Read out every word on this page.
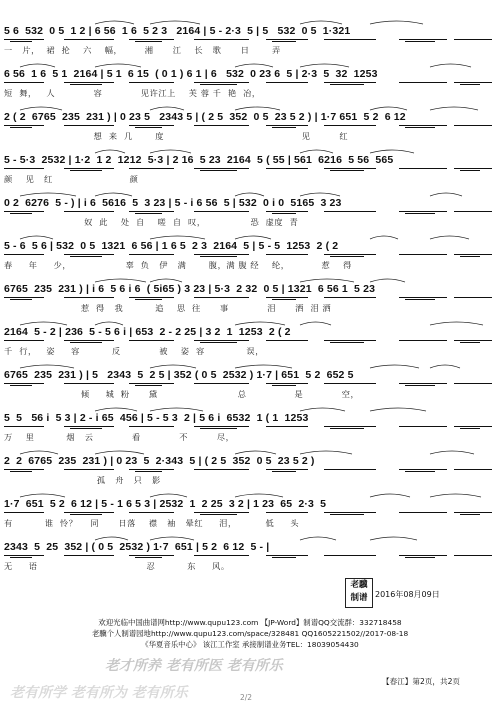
5 6  532  0 5  1 2 | 6 56  1 6  5 2 3   2164 | 5 - 2·3  5 | 5   532  0 5  1·321
一   片，  裙  抡    六    幅，       湘      江    长   歌      日       弄
6 56  1 6  5 1  2164 | 5 1  6 15  ( 0 1 ) 6 1 | 6   532  0 23 6  5 | 2·3  5  32  1253
短  舞，   人            容            见许江上    芙 蓉 千  艳  冶，
2 ( 2  6765  235  231 ) | 0 23 5   2343 5 | ( 2 5  352  0 5  23 5 2 ) | 1·7 651  5 2  6 12
想  来  几       度                                           见         红
5 - 5·3  2532 | 1·2  1 2  1212  5·3 | 2 16  5 23  2164  5 ( 55 | 561  6216  5 56  565
颜    见   红                        颜
0 2  6276  5 - ) | i 6  5616  5  3 23 | 5 - i 6 56  5 | 532  0 i 0  5165  3 23
奴  此    处  自    嗟  自  叹，              恐  虚度  青
5 - 6  5 6 | 532  0 5  1321  6 56 | 1 6 5  2 3  2164  5 | 5 - 5  1253  2 ( 2
春     年     少，                 辜  负   伊   满       腹，满 腹 经    纶，          惹    得
6765  235  231 ) | i 6  5 6 i 6  ( 5i65 ) 3 23 | 5·3  2 32  0 5 | 1321  6 56 1  5 23
惹  得   我          追    思  往      事            泪      洒  泪 洒
2164  5 - 2 | 236  5 - 5 6 i | 653  2 - 2 25 | 3 2  1  1253  2 ( 2
千  行，   姿     容          反            被    姿  容             误，
6765  235  231 ) | 5   2343  5  2 5 | 352 ( 0 5  2532 ) 1·7 | 651  5 2  652 5
倾     城  粉      黛                         总               是            空，
5  5   56 i  5 3 | 2 - i 65  456 | 5 - 5 3  2 | 5 6 i  6532  1 ( 1  1253
万    里          烟   云            看            不         尽，
2  2  6765  235  231 ) | 0 23  5  2·343  5 | ( 2 5  352  0 5  23 5 2 )
孤   舟   只   影
1·7  651  5 2  6 12 | 5 - 1 6 5 3 | 2532  1  2 25  3 2 | 1 23  65  2·3  5
有          谁  怜？    同      日落    襟   袖   晕红     泪，         低     头
2343  5  25  352 | ( 0 5  2532 ) 1·7  651 | 5 2  6 12  5 - |
无     语                                  忍          东     风。
老驥
制谱 2016年08月09日
欢迎光临中国曲谱网http://www.qupu123.com 【JP-Word】制谱QQ交流群：332718458
老驥个人制谱园地http://www.qupu123.com/space/328481 QQ1605221502//2017-08-18
《华夏音乐中心》 该江工作室 承接制谱业务TEL：18039054430
老才所养 老有所医 老有所乐
老有所学 老有所为 老有所乐
【春江】第2页，共2页
2/2
